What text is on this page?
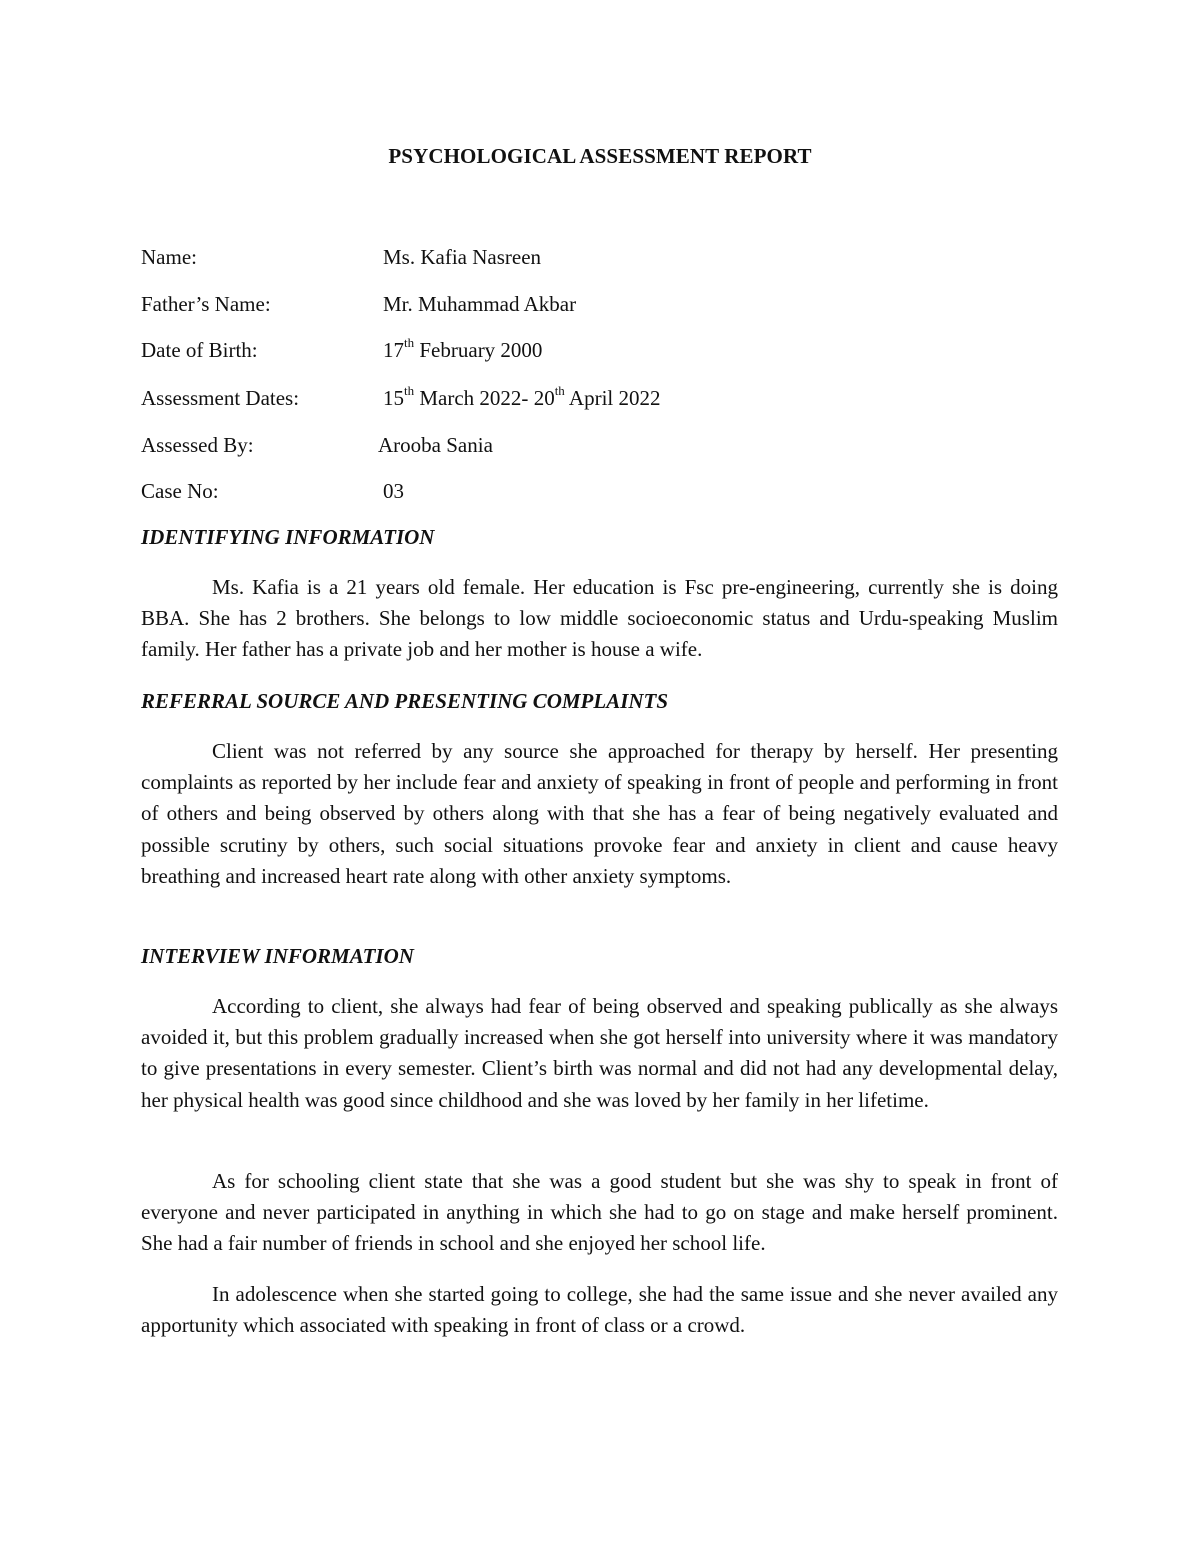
PSYCHOLOGICAL ASSESSMENT REPORT
Name:	Ms. Kafia Nasreen
Father’s Name:	Mr. Muhammad Akbar
Date of Birth:	17th February 2000
Assessment Dates:	15th March 2022- 20th April 2022
Assessed By:	Arooba Sania
Case No:	03
IDENTIFYING INFORMATION

Ms. Kafia is a 21 years old female. Her education is Fsc pre-engineering, currently she is doing BBA. She has 2 brothers. She belongs to low middle socioeconomic status and Urdu-speaking Muslim family. Her father has a private job and her mother is house a wife.

REFERRAL SOURCE AND PRESENTING COMPLAINTS

Client was not referred by any source she approached for therapy by herself. Her presenting complaints as reported by her include fear and anxiety of speaking in front of people and performing in front of others and being observed by others along with that she has a fear of being negatively evaluated and possible scrutiny by others, such social situations provoke fear and anxiety in client and cause heavy breathing and increased heart rate along with other anxiety symptoms.

INTERVIEW INFORMATION

According to client, she always had fear of being observed and speaking publically as she always avoided it, but this problem gradually increased when she got herself into university where it was mandatory to give presentations in every semester. Client’s birth was normal and did not had any developmental delay, her physical health was good since childhood and she was loved by her family in her lifetime.

As for schooling client state that she was a good student but she was shy to speak in front of everyone and never participated in anything in which she had to go on stage and make herself prominent. She had a fair number of friends in school and she enjoyed her school life.

In adolescence when she started going to college, she had the same issue and she never availed any apportunity which associated with speaking in front of class or a crowd.
